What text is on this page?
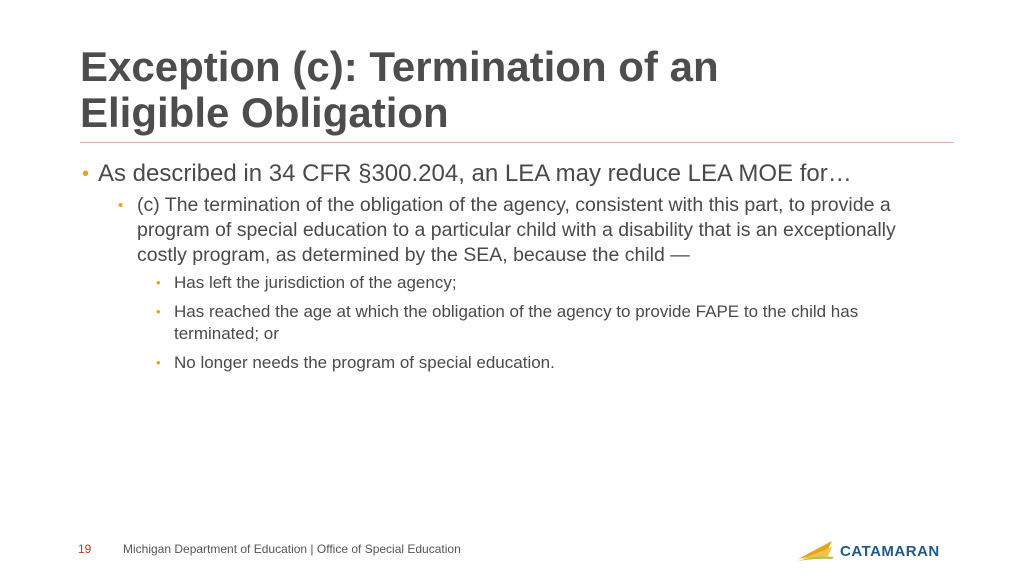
Exception (c): Termination of an
Eligible Obligation
• As described in 34 CFR §300.204, an LEA may reduce LEA MOE for…
• (c) The termination of the obligation of the agency, consistent with this part, to provide a program of special education to a particular child with a disability that is an exceptionally costly program, as determined by the SEA, because the child —
• Has left the jurisdiction of the agency;
• Has reached the age at which the obligation of the agency to provide FAPE to the child has terminated; or
• No longer needs the program of special education.
19	Michigan Department of Education | Office of Special Education	CATAMARAN
